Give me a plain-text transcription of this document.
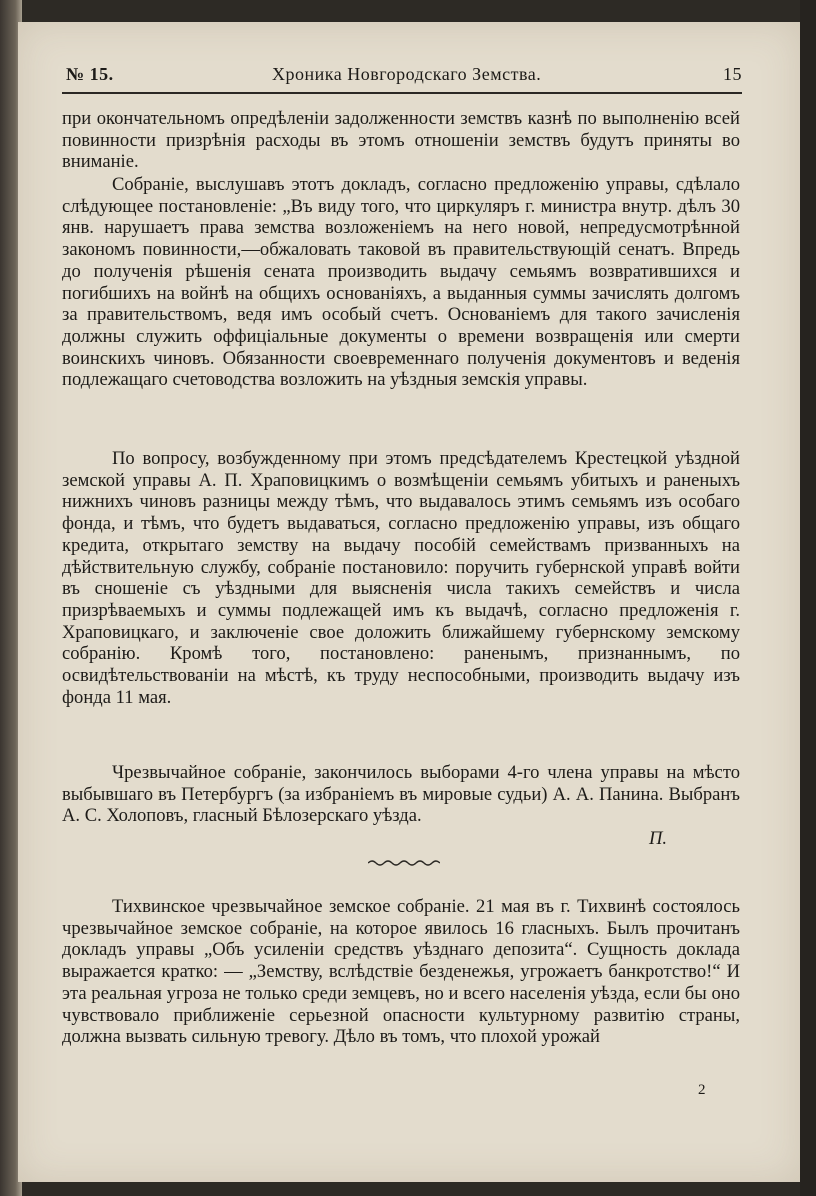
№ 15.	Хроника Новгородскаго Земства.	15

при окончательномъ опредѣленіи задолженности земствъ казнѣ по выполненію всей повинности призрѣнія расходы въ этомъ отношеніи земствъ будутъ приняты во вниманіе.

Собраніе, выслушавъ этотъ докладъ, согласно предложенію управы, сдѣлало слѣдующее постановленіе: „Въ виду того, что циркуляръ г. министра внутр. дѣлъ 30 янв. нарушаетъ права земства возложеніемъ на него новой, непредусмотрѣнной закономъ повинности,—обжаловать таковой въ правительствующій сенатъ. Впредь до полученія рѣшенія сената производить выдачу семьямъ возвратившихся и погибшихъ на войнѣ на общихъ основаніяхъ, а выданныя суммы зачислять долгомъ за правительствомъ, ведя имъ особый счетъ. Основаніемъ для такого зачисленія должны служить оффиціальные документы о времени возвращенія или смерти воинскихъ чиновъ. Обязанности своевременнаго полученія документовъ и веденія подлежащаго счетоводства возложить на уѣздныя земскія управы.

По вопросу, возбужденному при этомъ предсѣдателемъ Крестецкой уѣздной земской управы А. П. Храповицкимъ о возмѣщеніи семьямъ убитыхъ и раненыхъ нижнихъ чиновъ разницы между тѣмъ, что выдавалось этимъ семьямъ изъ особаго фонда, и тѣмъ, что будетъ выдаваться, согласно предложенію управы, изъ общаго кредита, открытаго земству на выдачу пособій семействамъ призванныхъ на дѣйствительную службу, собраніе постановило: поручить губернской управѣ войти въ сношеніе съ уѣздными для выясненія числа такихъ семействъ и числа призрѣваемыхъ и суммы подлежащей имъ къ выдачѣ, согласно предложенія г. Храповицкаго, и заключеніе свое доложить ближайшему губернскому земскому собранію. Кромѣ того, постановлено: раненымъ, признаннымъ, по освидѣтельствованіи на мѣстѣ, къ труду неспособными, производить выдачу изъ фонда 11 мая.

Чрезвычайное собраніе, закончилось выборами 4-го члена управы на мѣсто выбывшаго въ Петербургъ (за избраніемъ въ мировые судьи) А. А. Панина. Выбранъ А. С. Холоповъ, гласный Бѣлозерскаго уѣзда.

П.

Тихвинское чрезвычайное земское собраніе. 21 мая въ г. Тихвинѣ состоялось чрезвычайное земское собраніе, на которое явилось 16 гласныхъ. Былъ прочитанъ докладъ управы „Объ усиленіи средствъ уѣзднаго депозита“. Сущность доклада выражается кратко: — „Земству, вслѣдствіе безденежья, угрожаетъ банкротство!“ И эта реальная угроза не только среди земцевъ, но и всего населенія уѣзда, если бы оно чувствовало приближеніе серьезной опасности культурному развитію страны, должна вызвать сильную тревогу. Дѣло въ томъ, что плохой урожай

2
